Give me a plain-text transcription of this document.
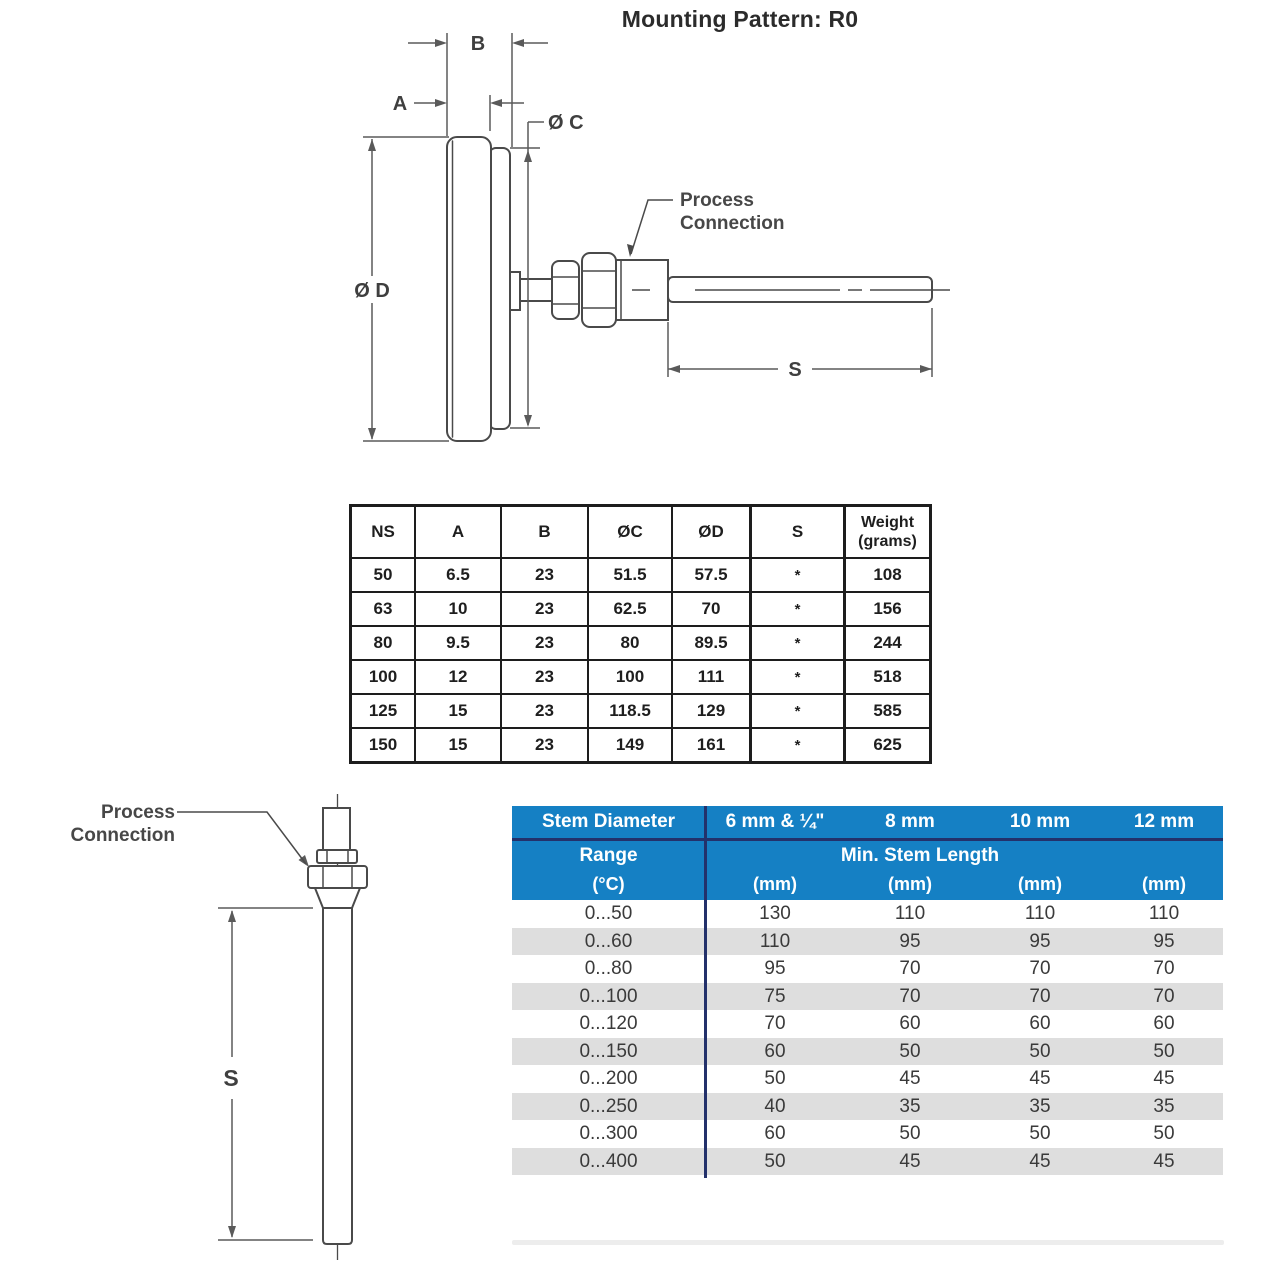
Mounting Pattern: R0
Ø D
B
A
Ø C
S
Process
Connection
NS	A	B	ØC	ØD	S	Weight
(grams)

50	6.5	23	51.5	57.5	*	108
63	10	23	62.5	70	*	156
80	9.5	23	80	89.5	*	244
100	12	23	100	111	*	518
125	15	23	118.5	129	*	585
150	15	23	149	161	*	625
Process
Connection
S
Stem Diameter	6 mm & ¼"	8 mm	10 mm	12 mm
Range	Min. Stem Length
(°C)	(mm)	(mm)	(mm)	(mm)
0...50	130	110	110	110
0...60	110	95	95	95
0...80	95	70	70	70
0...100	75	70	70	70
0...120	70	60	60	60
0...150	60	50	50	50
0...200	50	45	45	45
0...250	40	35	35	35
0...300	60	50	50	50
0...400	50	45	45	45
